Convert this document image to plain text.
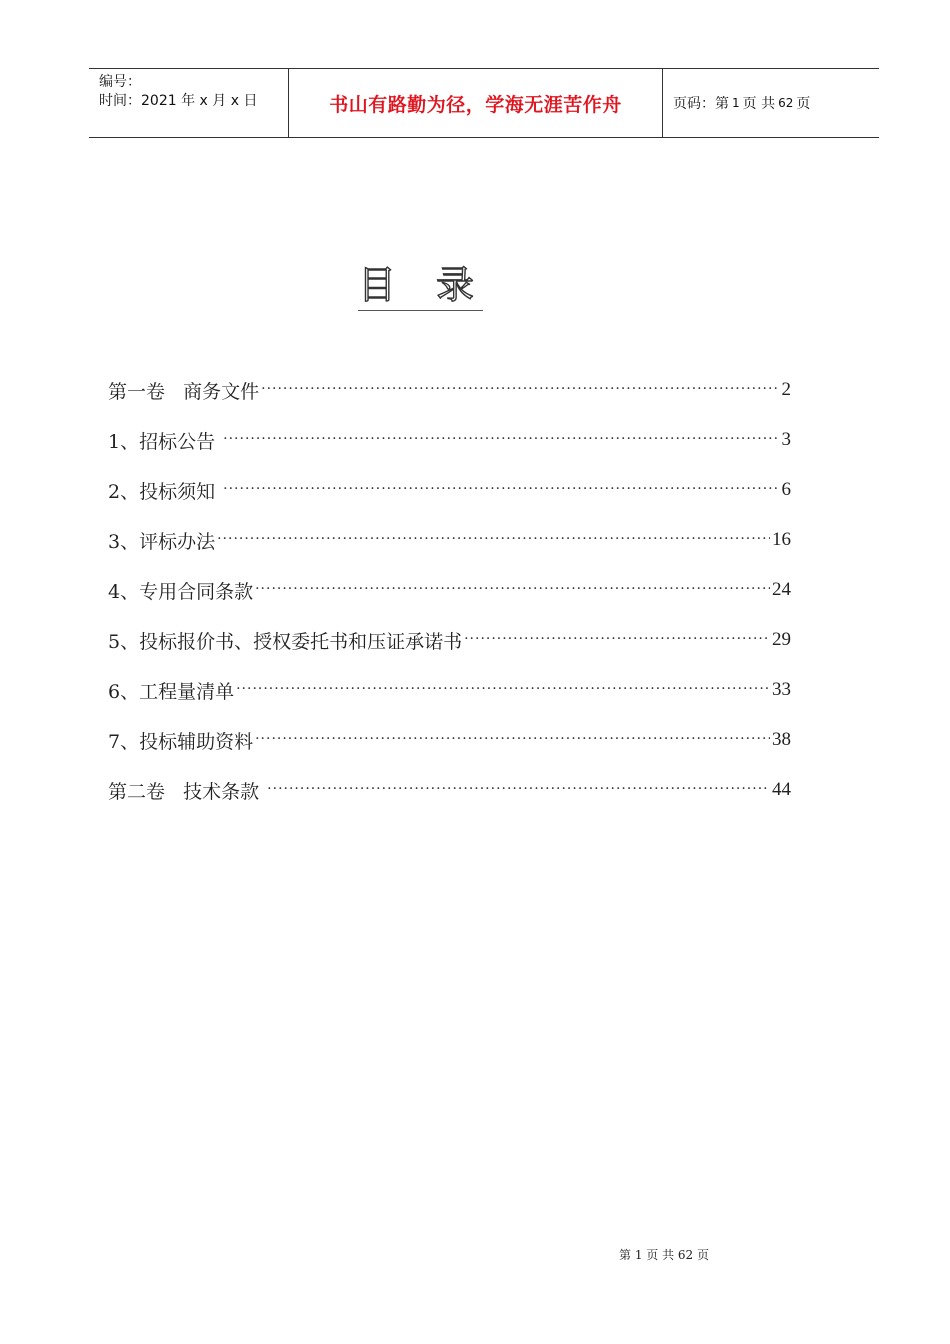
编号：
时间：2021 年 x 月 x 日	书山有路勤为径，学海无涯苦作舟	页码：第 1 页 共 62 页
目录
第一卷   商务文件 ·····	2
1、招标公告 ·····	3
2、投标须知 ·····	6
3、评标办法 ·····	16
4、专用合同条款 ·····	24
5、投标报价书、授权委托书和压证承诺书 ·····	29
6、工程量清单 ·····	33
7、投标辅助资料 ·····	38
第二卷   技术条款 ·····	44
第 1 页 共 62 页
